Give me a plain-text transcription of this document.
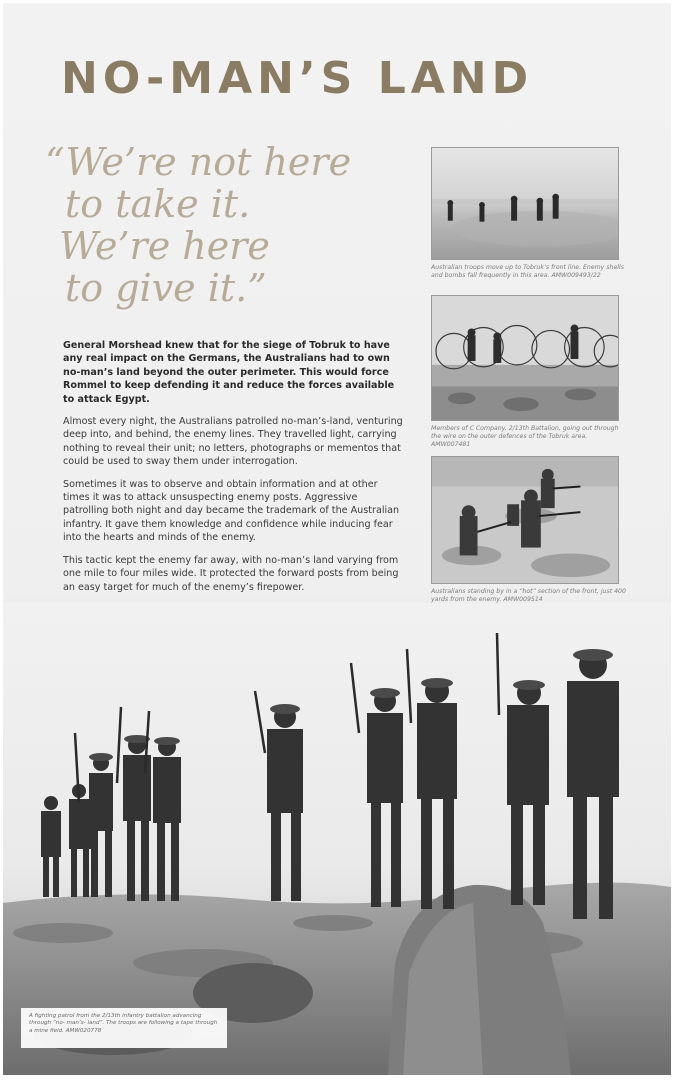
NO-MAN’S LAND
“We’re not here
to take it.
We’re here
to give it.”

General Morshead knew that for the siege of Tobruk to have any real impact on the Germans, the Australians had to own no-man’s land beyond the outer perimeter. This would force Rommel to keep defending it and reduce the forces available to attack Egypt.

Almost every night, the Australians patrolled no-man’s-land, venturing deep into, and behind, the enemy lines. They travelled light, carrying nothing to reveal their unit; no letters, photographs or mementos that could be used to sway them under interrogation.

Sometimes it was to observe and obtain information and at other times it was to attack unsuspecting enemy posts. Aggressive patrolling both night and day became the trademark of the Australian infantry. It gave them knowledge and confidence while inducing fear into the hearts and minds of the enemy.

This tactic kept the enemy far away, with no-man’s land varying from one mile to four miles wide. It protected the forward posts from being an easy target for much of the enemy’s firepower.

Australian troops move up to Tobruk’s front line. Enemy shells and bombs fall frequently in this area. AMW009493/22
Members of C Company, 2/13th Battalion, going out through the wire on the outer defences of the Tobruk area. AMW007481
Australians standing by in a “hot” section of the front, just 400 yards from the enemy. AMW009514
A fighting patrol from the 2/13th infantry battalion advancing through “no- man’s- land”. The troops are following a tape through a mine field. AMW020778
